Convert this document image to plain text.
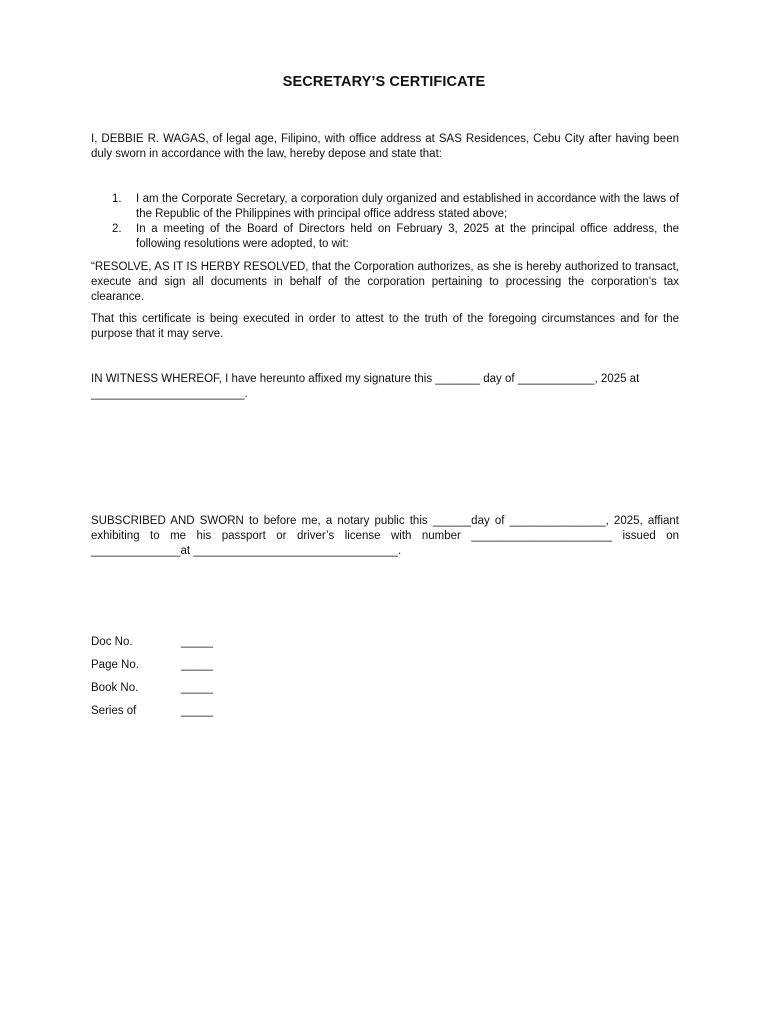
SECRETARY’S CERTIFICATE
I, DEBBIE R. WAGAS, of legal age, Filipino, with office address at SAS Residences, Cebu City after having been duly sworn in accordance with the law, hereby depose and state that:
1. I am the Corporate Secretary, a corporation duly organized and established in accordance with the laws of the Republic of the Philippines with principal office address stated above;
2. In a meeting of the Board of Directors held on February 3, 2025 at the principal office address, the following resolutions were adopted, to wit:
“RESOLVE, AS IT IS HERBY RESOLVED, that the Corporation authorizes, as she is hereby authorized to transact, execute and sign all documents in behalf of the corporation pertaining to processing the corporation’s tax clearance.
That this certificate is being executed in order to attest to the truth of the foregoing circumstances and for the purpose that it may serve.
IN WITNESS WHEREOF, I have hereunto affixed my signature this _______ day of ____________, 2025 at ________________________.
SUBSCRIBED AND SWORN to before me, a notary public this ______day of _______________, 2025, affiant exhibiting to me his passport or driver’s license with number ______________________ issued on ______________at ________________________________.
Doc No.	_____
Page No.	_____
Book No.	_____
Series of	_____
